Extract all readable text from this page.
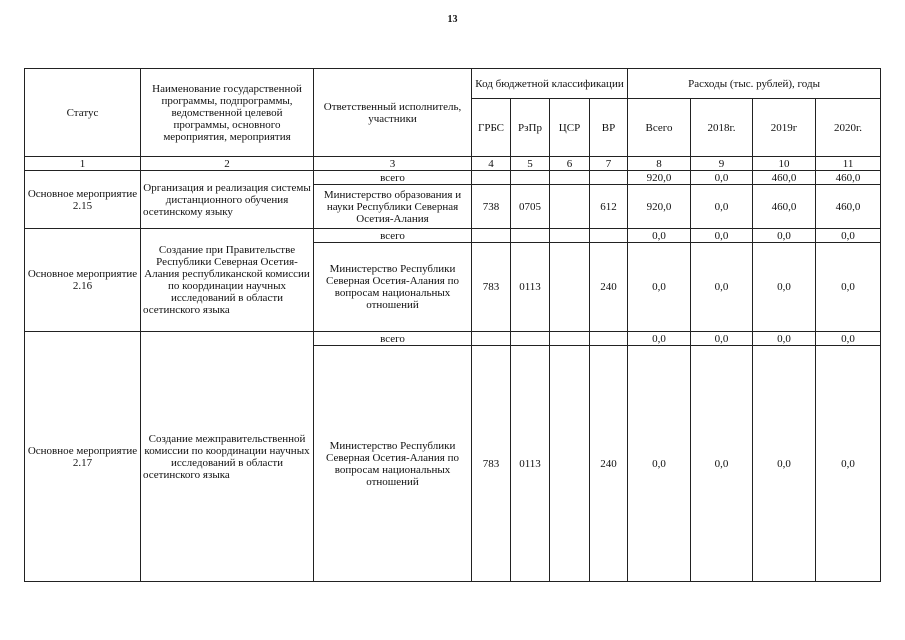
13
Статус	Наименование государственной программы, подпрограммы, ведомственной целевой программы, основного мероприятия, мероприятия	Ответственный исполнитель, участники	Код бюджетной классификации				Расходы (тыс. рублей), годы			
			ГРБС	РзПр	ЦСР	ВР	Всего	2018г.	2019г	2020г.
1	2	3	4	5	6	7	8	9	10	11
Основное мероприятие 2.15	Организация и реализация системы дистанционного обучения осетинскому языку	всего					920,0	0,0	460,0	460,0
		Министерство образования и науки Республики Северная Осетия-Алания	738	0705		612	920,0	0,0	460,0	460,0
Основное мероприятие 2.16	Создание при Правительстве Республики Северная Осетия-Алания республиканской комиссии по координации научных исследований в области осетинского языка	всего					0,0	0,0	0,0	0,0
		Министерство Республики Северная Осетия-Алания по вопросам национальных отношений	783	0113		240	0,0	0,0	0,0	0,0
Основное мероприятие 2.17	Создание межправительственной комиссии по координации научных исследований в области осетинского языка	всего					0,0	0,0	0,0	0,0
		Министерство Республики Северная Осетия-Алания по вопросам национальных отношений	783	0113		240	0,0	0,0	0,0	0,0
